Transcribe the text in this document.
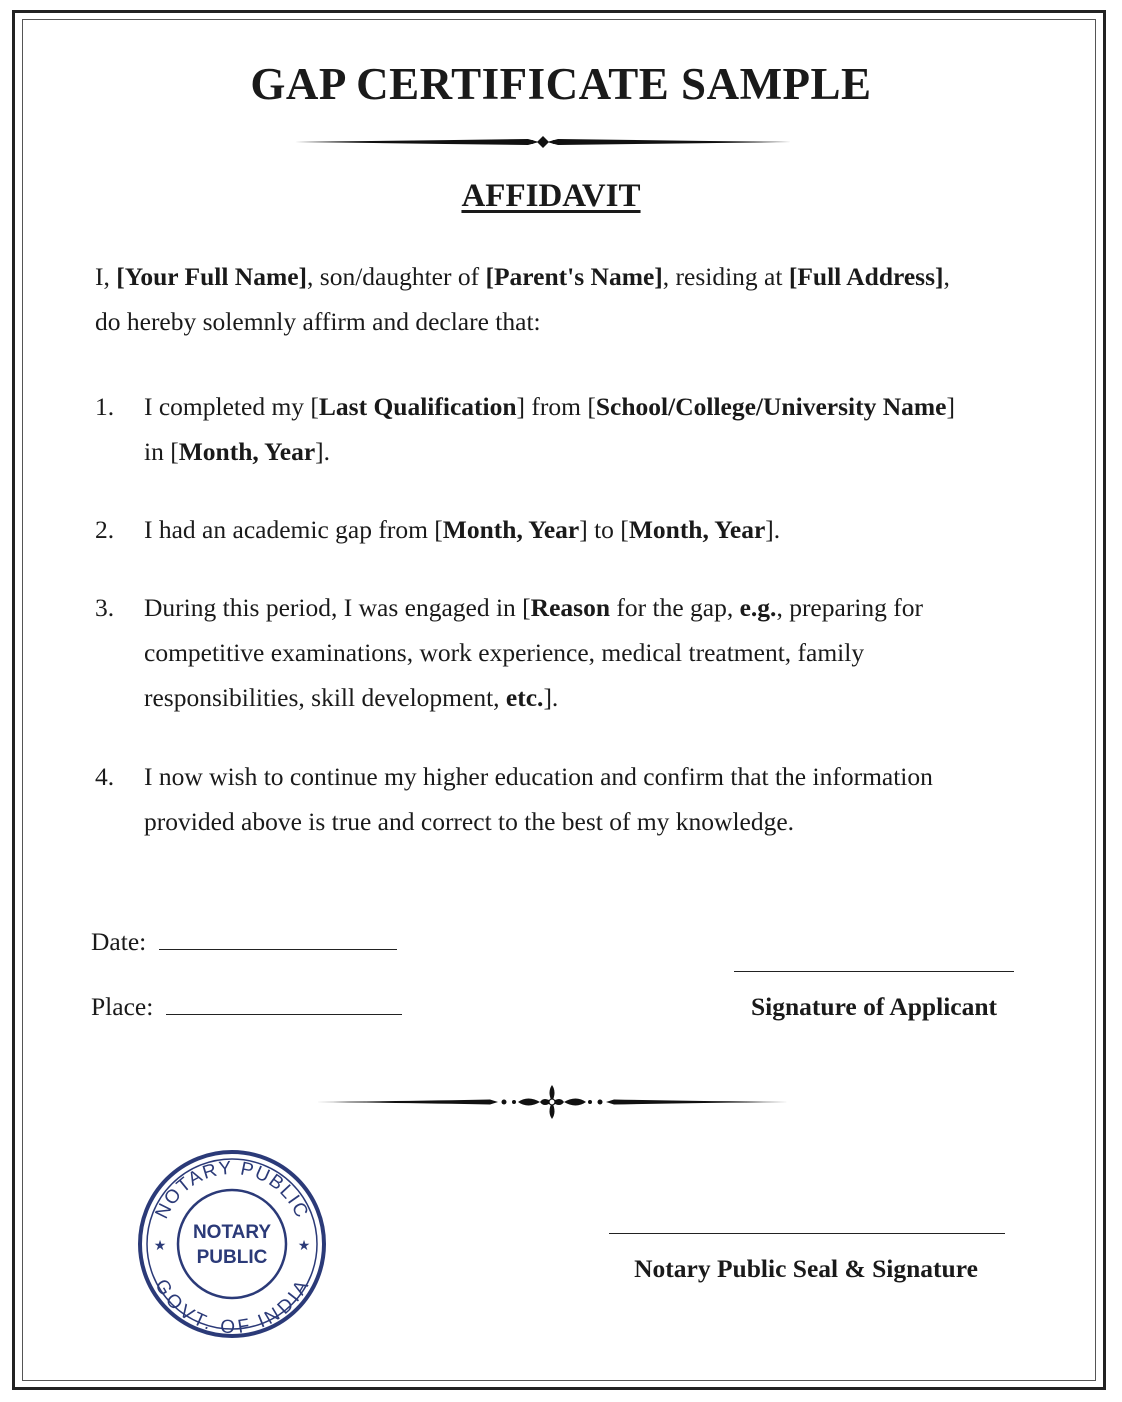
GAP CERTIFICATE SAMPLE
AFFIDAVIT

I, [Your Full Name], son/daughter of [Parent's Name], residing at [Full Address],

do hereby solemnly affirm and declare that:

1. I completed my [Last Qualification] from [School/College/University Name]
in [Month, Year].
2. I had an academic gap from [Month, Year] to [Month, Year].
3. During this period, I was engaged in [Reason for the gap, e.g., preparing for
competitive examinations, work experience, medical treatment, family
responsibilities, skill development, etc.].
4. I now wish to continue my higher education and confirm that the information
provided above is true and correct to the best of my knowledge.
Date:
Place:	Signature of Applicant
NOTARY PUBLIC
GOVT. OF INDIA
NOTARY
PUBLIC
★	★
Notary Public Seal & Signature
